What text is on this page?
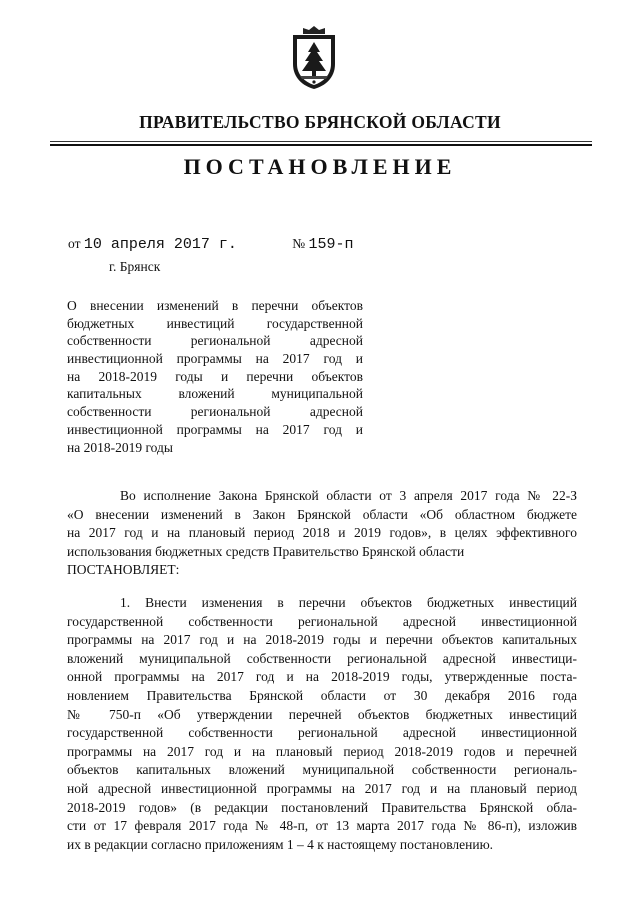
ПРАВИТЕЛЬСТВО БРЯНСКОЙ ОБЛАСТИ
ПОСТАНОВЛЕНИЕ
от 10 апреля 2017 г.	№ 159-п
г. Брянск
О внесении изменений в перечни объектов
бюджетных инвестиций государственной
собственности региональной адресной
инвестиционной программы на 2017 год и
на 2018-2019 годы и перечни объектов
капитальных вложений муниципальной
собственности региональной адресной
инвестиционной программы на 2017 год и
на 2018-2019 годы
Во исполнение Закона Брянской области от 3 апреля 2017 года № 22-З
«О внесении изменений в Закон Брянской области «Об областном бюджете
на 2017 год и на плановый период 2018 и 2019 годов», в целях эффективного
использования бюджетных средств Правительство Брянской области
ПОСТАНОВЛЯЕТ:
1. Внести изменения в перечни объектов бюджетных инвестиций
государственной собственности региональной адресной инвестиционной
программы на 2017 год и на 2018-2019 годы и перечни объектов капитальных
вложений муниципальной собственности региональной адресной инвестици-
онной программы на 2017 год и на 2018-2019 годы, утвержденные поста-
новлением Правительства Брянской области от 30 декабря 2016 года
№ 750-п «Об утверждении перечней объектов бюджетных инвестиций
государственной собственности региональной адресной инвестиционной
программы на 2017 год и на плановый период 2018-2019 годов и перечней
объектов капитальных вложений муниципальной собственности региональ-
ной адресной инвестиционной программы на 2017 год и на плановый период
2018-2019 годов» (в редакции постановлений Правительства Брянской обла-
сти от 17 февраля 2017 года № 48-п, от 13 марта 2017 года № 86-п), изложив
их в редакции согласно приложениям 1 – 4 к настоящему постановлению.
